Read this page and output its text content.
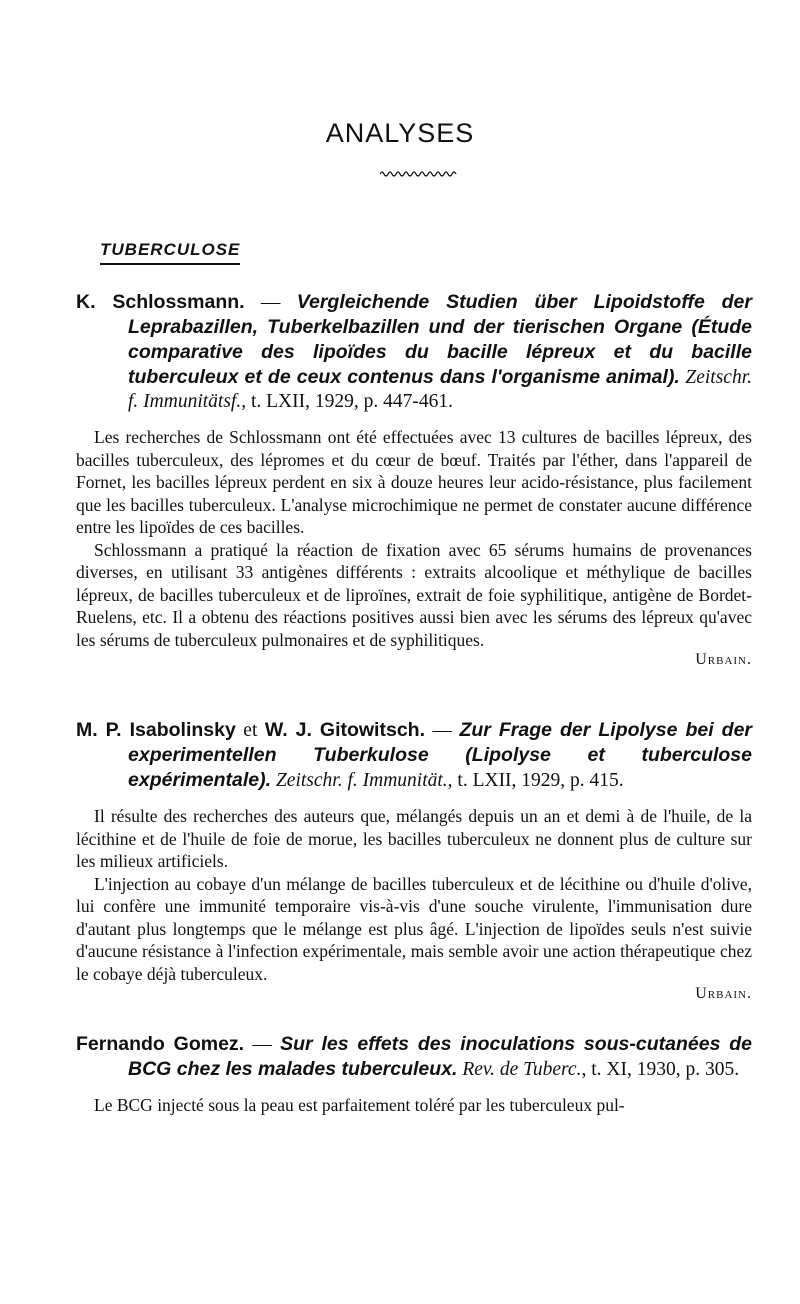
ANALYSES
TUBERCULOSE

K. Schlossmann. — Vergleichende Studien über Lipoidstoffe der Leprabazillen, Tuberkelbazillen und der tierischen Organe (Étude comparative des lipoïdes du bacille lépreux et du bacille tuberculeux et de ceux contenus dans l'organisme animal). Zeitschr. f. Immunitätsf., t. LXII, 1929, p. 447-461.

Les recherches de Schlossmann ont été effectuées avec 13 cultures de bacilles lépreux, des bacilles tuberculeux, des lépromes et du cœur de bœuf. Traités par l'éther, dans l'appareil de Fornet, les bacilles lépreux perdent en six à douze heures leur acido-résistance, plus facilement que les bacilles tuberculeux. L'analyse microchimique ne permet de constater aucune différence entre les lipoïdes de ces bacilles.

Schlossmann a pratiqué la réaction de fixation avec 65 sérums humains de provenances diverses, en utilisant 33 antigènes différents : extraits alcoolique et méthylique de bacilles lépreux, de bacilles tuberculeux et de liproïnes, extrait de foie syphilitique, antigène de Bordet-Ruelens, etc. Il a obtenu des réactions positives aussi bien avec les sérums des lépreux qu'avec les sérums de tuberculeux pulmonaires et de syphilitiques.

Urbain.

M. P. Isabolinsky et W. J. Gitowitsch. — Zur Frage der Lipolyse bei der experimentellen Tuberkulose (Lipolyse et tuberculose expérimentale). Zeitschr. f. Immunität., t. LXII, 1929, p. 415.

Il résulte des recherches des auteurs que, mélangés depuis un an et demi à de l'huile, de la lécithine et de l'huile de foie de morue, les bacilles tuberculeux ne donnent plus de culture sur les milieux artificiels.

L'injection au cobaye d'un mélange de bacilles tuberculeux et de lécithine ou d'huile d'olive, lui confère une immunité temporaire vis-à-vis d'une souche virulente, l'immunisation dure d'autant plus longtemps que le mélange est plus âgé. L'injection de lipoïdes seuls n'est suivie d'aucune résistance à l'infection expérimentale, mais semble avoir une action thérapeutique chez le cobaye déjà tuberculeux.

Urbain.

Fernando Gomez. — Sur les effets des inoculations sous-cutanées de BCG chez les malades tuberculeux. Rev. de Tuberc., t. XI, 1930, p. 305.

Le BCG injecté sous la peau est parfaitement toléré par les tuberculeux pul-
